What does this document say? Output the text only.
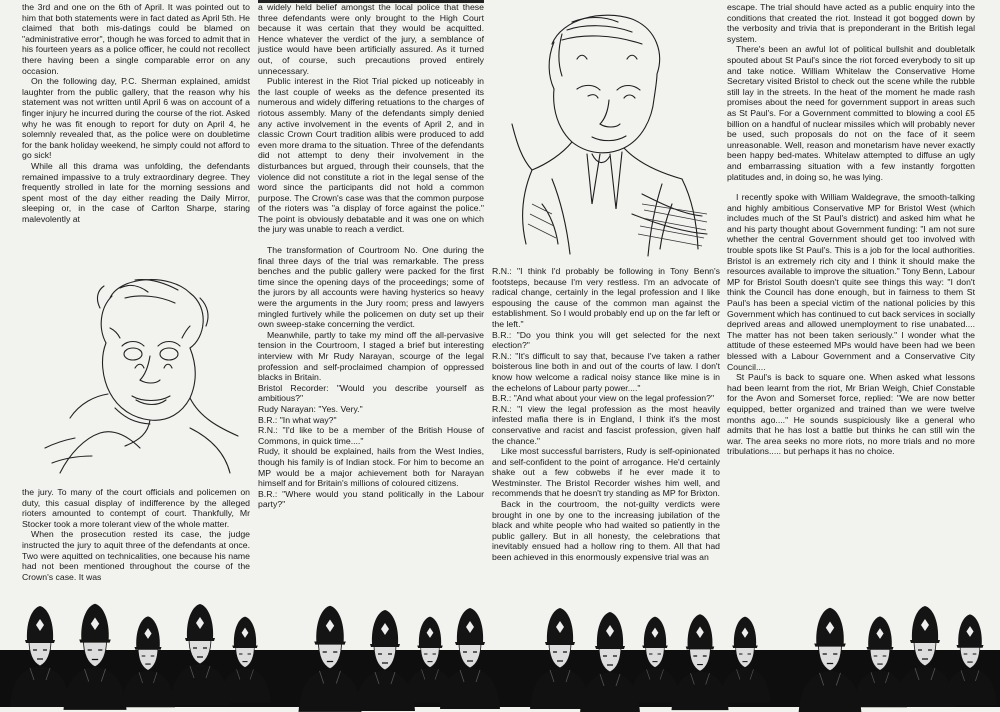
the 3rd and one on the 6th of April. It was pointed out to him that both statements were in fact dated as April 5th. He claimed that both mis-datings could be blamed on "administrative error", though he was forced to admit that in his fourteen years as a police officer, he could not recollect there having been a single comparable error on any occasion.

On the following day, P.C. Sherman explained, amidst laughter from the public gallery, that the reason why his statement was not written until April 6 was on account of a finger injury he incurred during the course of the riot. Asked why he was fit enough to report for duty on April 4, he solemnly revealed that, as the police were on doubletime for the bank holiday weekend, he simply could not afford to go sick!

While all this drama was unfolding, the defendants remained impassive to a truly extraordinary degree. They frequently strolled in late for the morning sessions and spent most of the day either reading the Daily Mirror, sleeping or, in the case of Carlton Sharpe, staring malevolently at

the jury. To many of the court officials and policemen on duty, this casual display of indifference by the alleged rioters amounted to contempt of court. Thankfully, Mr Stocker took a more tolerant view of the whole matter.

When the prosecution rested its case, the judge instructed the jury to aquit three of the defendants at once. Two were aquitted on technicalities, one because his name had not been mentioned throughout the course of the Crown's case. It was

a widely held belief amongst the local police that these three defendants were only brought to the High Court because it was certain that they would be acquitted. Hence whatever the verdict of the jury, a semblance of justice would have been artificially assured. As it turned out, of course, such precautions proved entirely unnecessary.

Public interest in the Riot Trial picked up noticeably in the last couple of weeks as the defence presented its numerous and widely differing retuations to the charges of riotous assembly. Many of the defendants simply denied any active involvement in the events of April 2, and in classic Crown Court tradition alibis were produced to add even more drama to the situation. Three of the defendants did not attempt to deny their involvement in the disturbances but argued, through their counsels, that the violence did not constitute a riot in the legal sense of the word since the participants did not hold a common purpose. The Crown's case was that the common purpose of the rioters was "a display of force against the police." The point is obviously debatable and it was one on which the jury was unable to reach a verdict.

The transformation of Courtroom No. One during the final three days of the trial was remarkable. The press benches and the public gallery were packed for the first time since the opening days of the proceedings; some of the jurors by all accounts were having hysterics so heavy were the arguments in the Jury room; press and lawyers mingled furtively while the policemen on duty set up their own sweep-stake concerning the verdict.

Meanwhile, partly to take my mind off the all-pervasive tension in the Courtroom, I staged a brief but interesting interview with Mr Rudy Narayan, scourge of the legal profession and self-proclaimed champion of oppressed blacks in Britain.

Bristol Recorder: "Would you describe yourself as ambitious?"

Rudy Narayan: "Yes. Very."

B.R.: "In what way?"

R.N.: "I'd like to be a member of the British House of Commons, in quick time...."

Rudy, it should be explained, hails from the West Indies, though his family is of Indian stock. For him to become an MP would be a major achievement both for Narayan himself and for Britain's millions of coloured citizens.

B.R.: "Where would you stand politically in the Labour party?"

R.N.: "I think I'd probably be following in Tony Benn's footsteps, because I'm very restless. I'm an advocate of radical change, certainly in the legal profession and I like espousing the cause of the common man against the establishment. So I would probably end up on the far left or the left."

B.R.: "Do you think you will get selected for the next election?"

R.N.: "It's difficult to say that, because I've taken a rather boisterous line both in and out of the courts of law. I don't know how welcome a radical noisy stance like mine is in the echelons of Labour party power...."

B.R.: "And what about your view on the legal profession?"

R.N.: "I view the legal profession as the most heavily infested mafia there is in England, I think it's the most conservative and racist and fascist profession, given half the chance."

Like most successful barristers, Rudy is self-opinionated and self-confident to the point of arrogance. He'd certainly shake out a few cobwebs if he ever made it to Westminster. The Bristol Recorder wishes him well, and recommends that he doesn't try standing as MP for Brixton.

Back in the courtroom, the not-guilty verdicts were brought in one by one to the increasing jubilation of the black and white people who had waited so patiently in the public gallery. But in all honesty, the celebrations that inevitably ensued had a hollow ring to them. All that had been achieved in this enormously expensive trial was an

escape. The trial should have acted as a public enquiry into the conditions that created the riot. Instead it got bogged down by the verbosity and trivia that is preponderant in the British legal system.

There's been an awful lot of political bullshit and doubletalk spouted about St Paul's since the riot forced everybody to sit up and take notice. William Whitelaw the Conservative Home Secretary visited Bristol to check out the scene while the rubble still lay in the streets. In the heat of the moment he made rash promises about the need for government support in areas such as St Paul's. For a Government committed to blowing a cool £5 billion on a handful of nuclear missiles which will probably never be used, such proposals do not on the face of it seem unreasonable. Well, reason and monetarism have never exactly been happy bed-mates. Whitelaw attempted to diffuse an ugly and embarrassing situation with a few instantly forgotten platitudes and, in doing so, he was lying.

I recently spoke with William Waldegrave, the smooth-talking and highly ambitious Conservative MP for Bristol West (which includes much of the St Paul's district) and asked him what he and his party thought about Government funding: "I am not sure whether the central Government should get too involved with trouble spots like St Paul's. This is a job for the local authorities. Bristol is an extremely rich city and I think it should make the resources available to improve the situation." Tony Benn, Labour MP for Bristol South doesn't quite see things this way: "I don't think the Council has done enough, but in fairness to them St Paul's has been a special victim of the national policies by this Government which has continued to cut back services in socially deprived areas and allowed unemployment to rise unabated.... The matter has not been taken seriously." I wonder what the attitude of these esteemed MPs would have been had we been blessed with a Labour Government and a Conservative City Council....

St Paul's is back to square one. When asked what lessons had been learnt from the riot, Mr Brian Weigh, Chief Constable for the Avon and Somerset force, replied: "We are now better equipped, better organized and trained than we were twelve months ago...." He sounds suspiciously like a general who admits that he has lost a battle but thinks he can still win the war. The area seeks no more riots, no more trials and no more tribulations..... but perhaps it has no choice.
